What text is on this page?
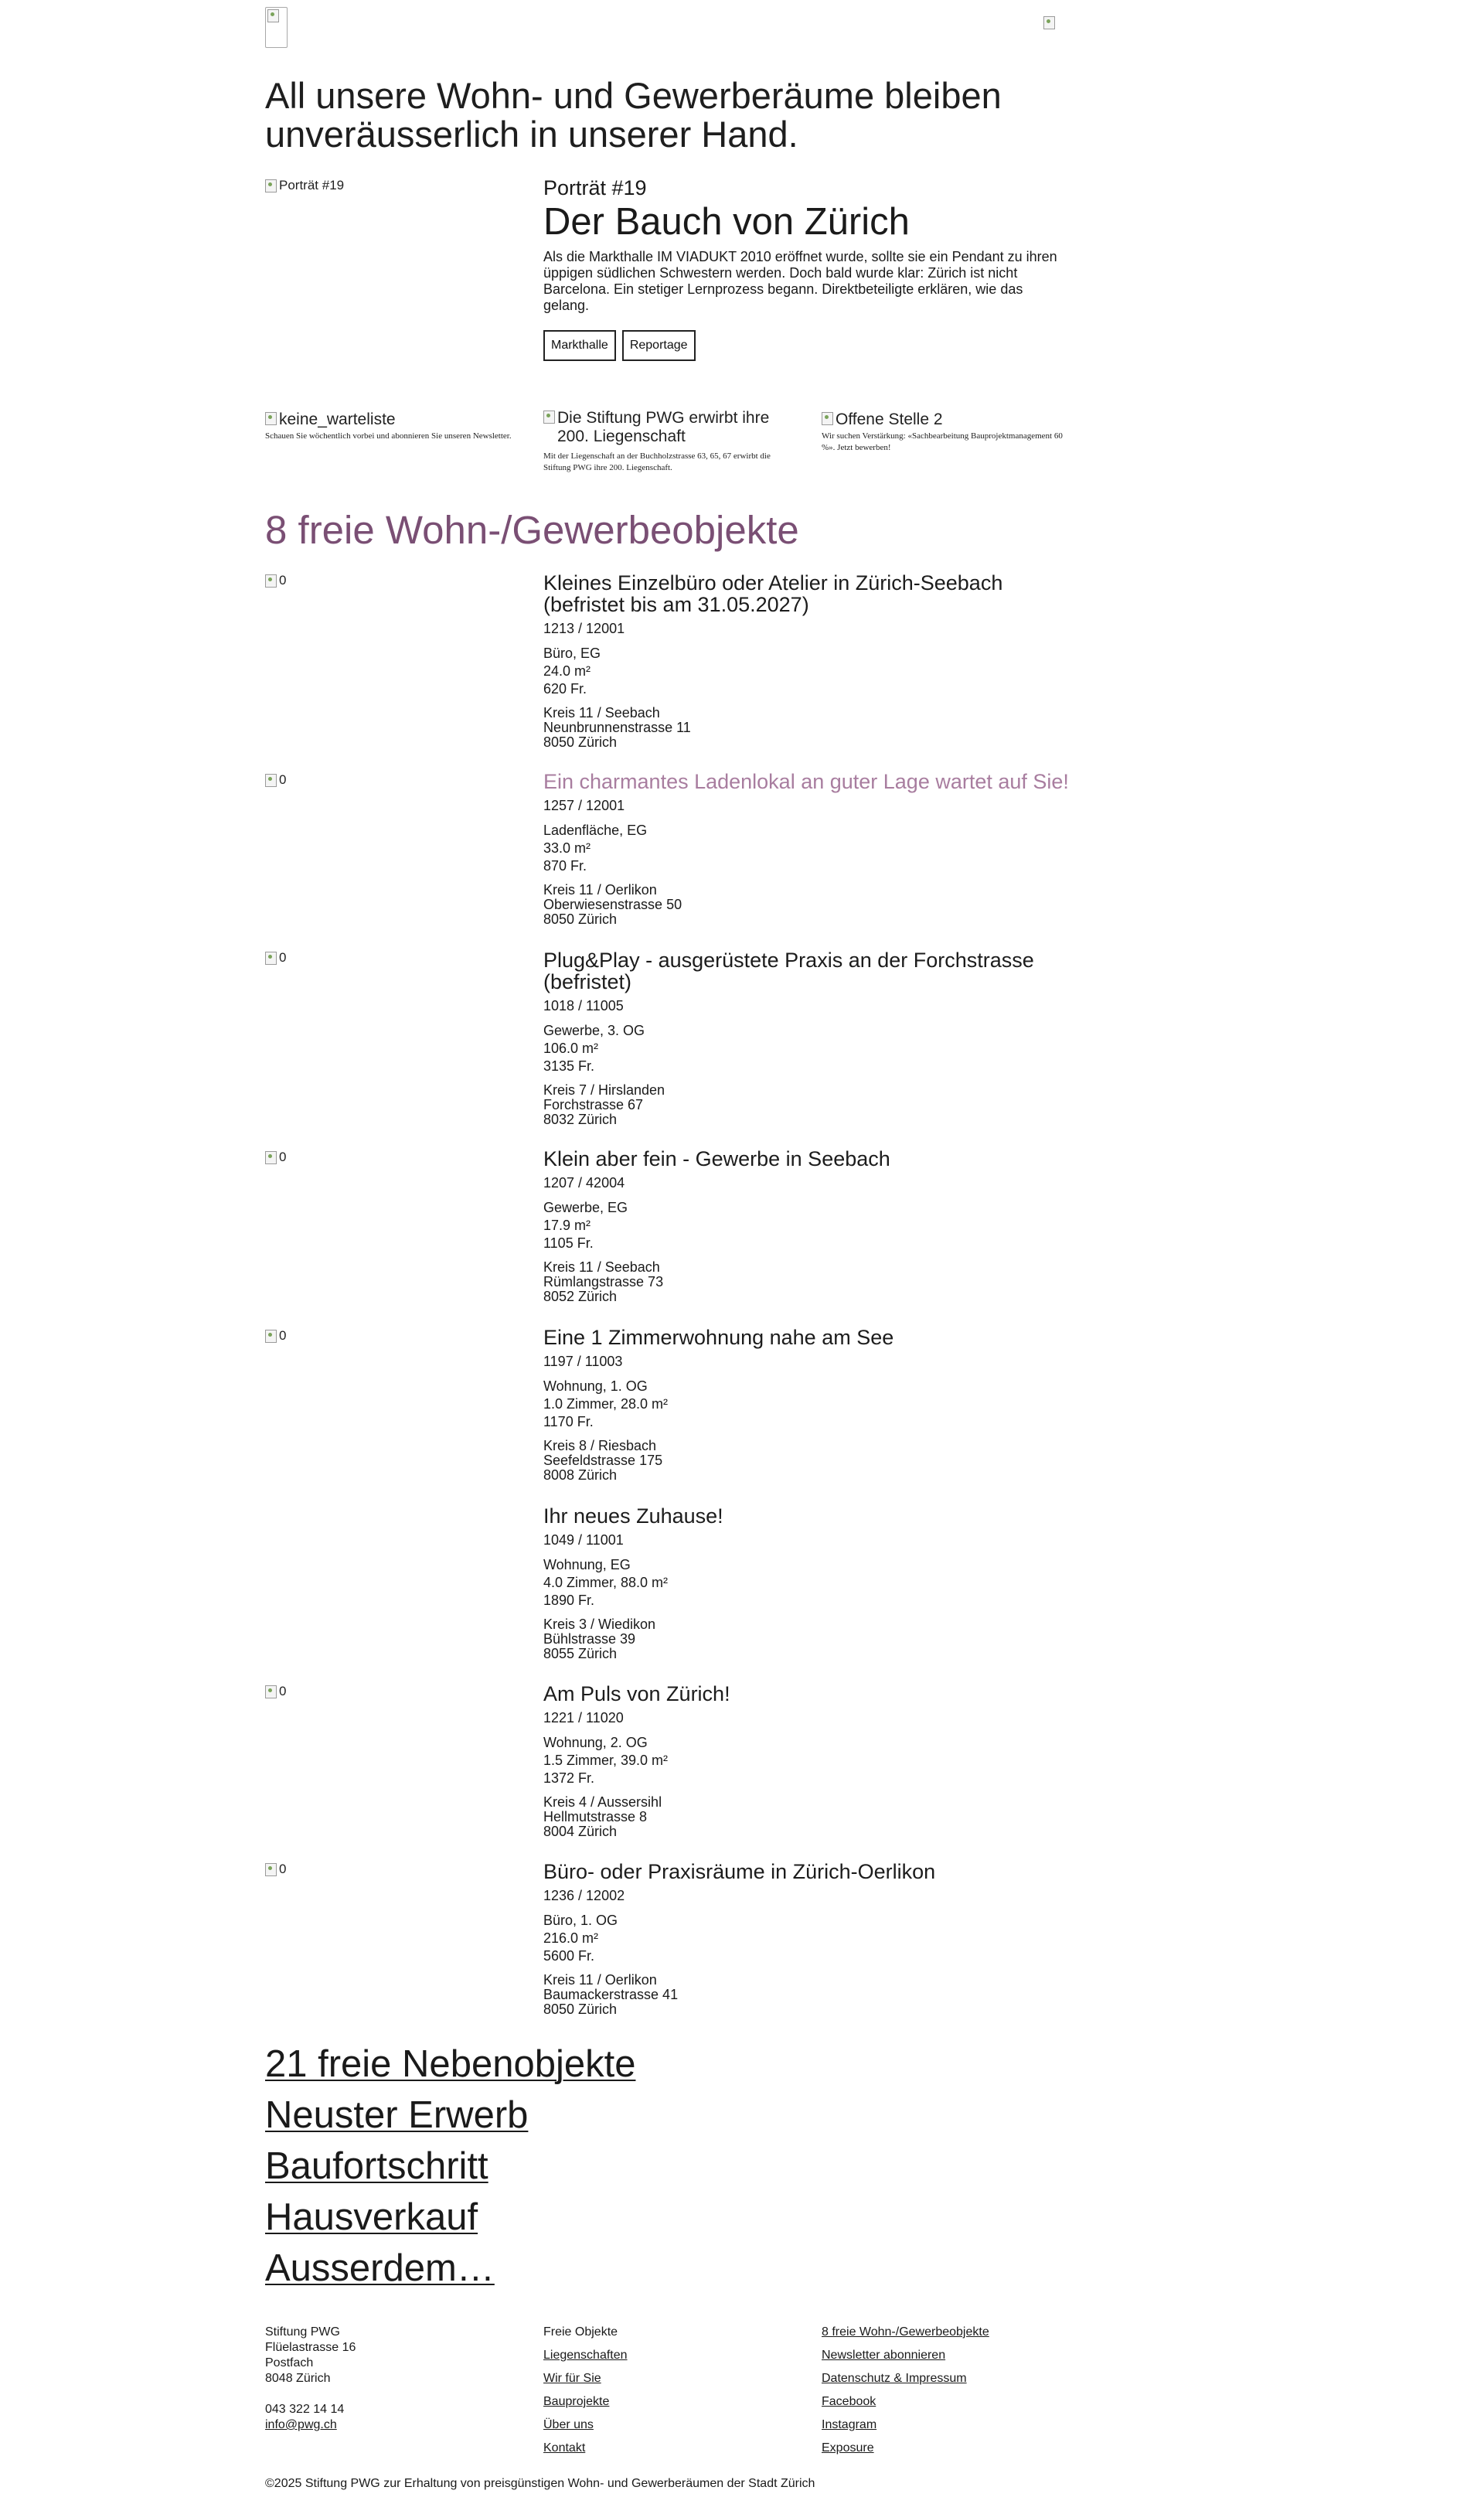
All unsere Wohn- und Gewerberäume bleiben unveräusserlich in unserer Hand.
Porträt #19	Porträt #19
Der Bauch von Zürich
Als die Markthalle IM VIADUKT 2010 eröffnet wurde, sollte sie ein Pendant zu ihren üppigen südlichen Schwestern werden. Doch bald wurde klar: Zürich ist nicht Barcelona. Ein stetiger Lernprozess begann. Direktbeteiligte erklären, wie das gelang.
Markthalle Reportage
keine_warteliste
Schauen Sie wöchentlich vorbei und abonnieren Sie unseren Newsletter.
Die Stiftung PWG erwirbt ihre 200. Liegenschaft
Mit der Liegenschaft an der Buchholzstrasse 63, 65, 67 erwirbt die Stiftung PWG ihre 200. Liegenschaft.
Offene Stelle 2
Wir suchen Verstärkung: «Sachbearbeitung Bauprojektmanagement 60 %». Jetzt bewerben!
8 freie Wohn-/Gewerbeobjekte
0	Kleines Einzelbüro oder Atelier in Zürich-Seebach (befristet bis am 31.05.2027)
1213 / 12001
Büro, EG
24.0 m²
620 Fr.
Kreis 11 / Seebach
Neunbrunnenstrasse 11
8050 Zürich
0	Ein charmantes Ladenlokal an guter Lage wartet auf Sie!
1257 / 12001
Ladenfläche, EG
33.0 m²
870 Fr.
Kreis 11 / Oerlikon
Oberwiesenstrasse 50
8050 Zürich
0	Plug&Play - ausgerüstete Praxis an der Forchstrasse (befristet)
1018 / 11005
Gewerbe, 3. OG
106.0 m²
3135 Fr.
Kreis 7 / Hirslanden
Forchstrasse 67
8032 Zürich
0	Klein aber fein - Gewerbe in Seebach
1207 / 42004
Gewerbe, EG
17.9 m²
1105 Fr.
Kreis 11 / Seebach
Rümlangstrasse 73
8052 Zürich
0	Eine 1 Zimmerwohnung nahe am See
1197 / 11003
Wohnung, 1. OG
1.0 Zimmer, 28.0 m²
1170 Fr.
Kreis 8 / Riesbach
Seefeldstrasse 175
8008 Zürich
Ihr neues Zuhause!
1049 / 11001
Wohnung, EG
4.0 Zimmer, 88.0 m²
1890 Fr.
Kreis 3 / Wiedikon
Bühlstrasse 39
8055 Zürich
0	Am Puls von Zürich!
1221 / 11020
Wohnung, 2. OG
1.5 Zimmer, 39.0 m²
1372 Fr.
Kreis 4 / Aussersihl
Hellmutstrasse 8
8004 Zürich
0	Büro- oder Praxisräume in Zürich-Oerlikon
1236 / 12002
Büro, 1. OG
216.0 m²
5600 Fr.
Kreis 11 / Oerlikon
Baumackerstrasse 41
8050 Zürich
21 freie Nebenobjekte
Neuster Erwerb
Baufortschritt
Hausverkauf
Ausserdem…
Stiftung PWG
Flüelastrasse 16
Postfach
8048 Zürich
043 322 14 14
info@pwg.ch
Freie Objekte
Liegenschaften
Wir für Sie
Bauprojekte
Über uns
Kontakt
8 freie Wohn-/Gewerbeobjekte
Newsletter abonnieren
Datenschutz & Impressum
Facebook
Instagram
Exposure
©2025 Stiftung PWG zur Erhaltung von preisgünstigen Wohn- und Gewerberäumen der Stadt Zürich
